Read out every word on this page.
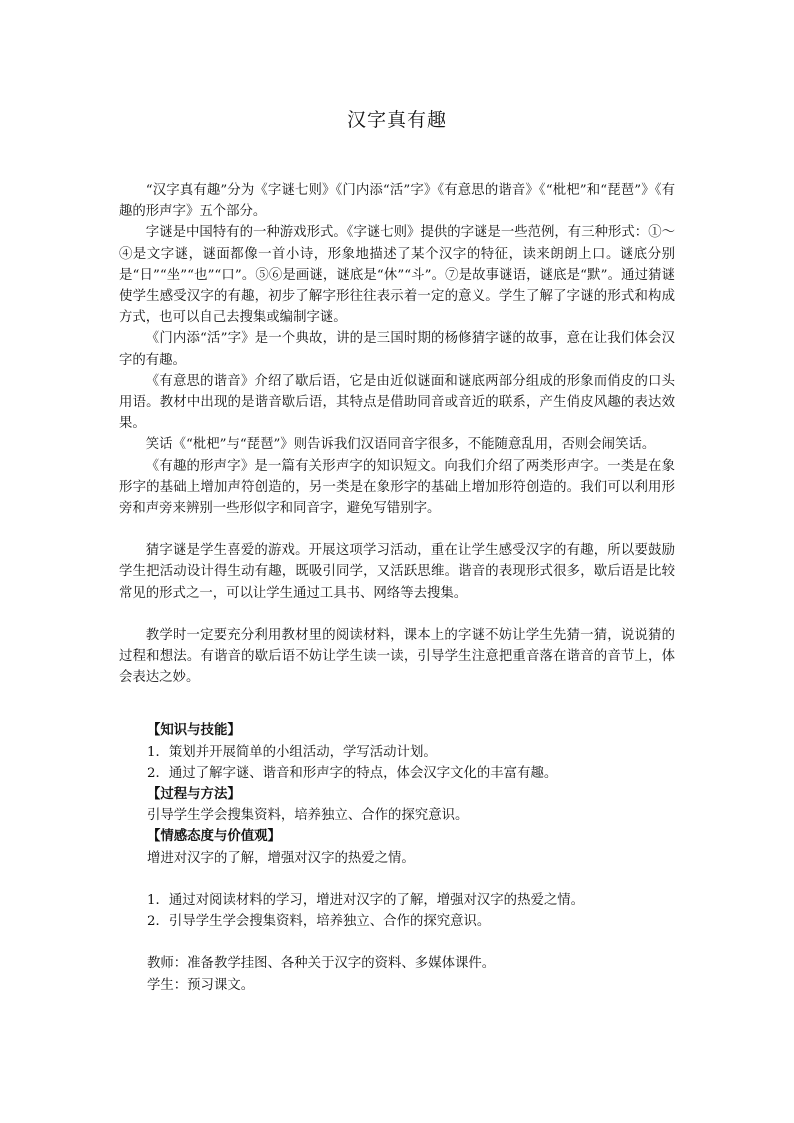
汉字真有趣

“汉字真有趣”分为《字谜七则》《门内添“活”字》《有意思的谐音》《“枇杷”和“琵琶”》《有趣的形声字》五个部分。

字谜是中国特有的一种游戏形式。《字谜七则》提供的字谜是一些范例，有三种形式：①～④是文字谜，谜面都像一首小诗，形象地描述了某个汉字的特征，读来朗朗上口。谜底分别是“日”“坐”“也”“口”。⑤⑥是画谜，谜底是“休”“斗”。⑦是故事谜语，谜底是“默”。通过猜谜使学生感受汉字的有趣，初步了解字形往往表示着一定的意义。学生了解了字谜的形式和构成方式，也可以自己去搜集或编制字谜。

《门内添“活”字》是一个典故，讲的是三国时期的杨修猜字谜的故事，意在让我们体会汉字的有趣。

《有意思的谐音》介绍了歇后语，它是由近似谜面和谜底两部分组成的形象而俏皮的口头用语。教材中出现的是谐音歇后语，其特点是借助同音或音近的联系，产生俏皮风趣的表达效果。

笑话《“枇杷”与“琵琶”》则告诉我们汉语同音字很多，不能随意乱用，否则会闹笑话。

《有趣的形声字》是一篇有关形声字的知识短文。向我们介绍了两类形声字。一类是在象形字的基础上增加声符创造的，另一类是在象形字的基础上增加形符创造的。我们可以利用形旁和声旁来辨别一些形似字和同音字，避免写错别字。

猜字谜是学生喜爱的游戏。开展这项学习活动，重在让学生感受汉字的有趣，所以要鼓励学生把活动设计得生动有趣，既吸引同学，又活跃思维。谐音的表现形式很多，歇后语是比较常见的形式之一，可以让学生通过工具书、网络等去搜集。

教学时一定要充分利用教材里的阅读材料，课本上的字谜不妨让学生先猜一猜，说说猜的过程和想法。有谐音的歇后语不妨让学生读一读，引导学生注意把重音落在谐音的音节上，体会表达之妙。

【知识与技能】

1．策划并开展简单的小组活动，学写活动计划。

2．通过了解字谜、谐音和形声字的特点，体会汉字文化的丰富有趣。

【过程与方法】

引导学生学会搜集资料，培养独立、合作的探究意识。

【情感态度与价值观】

增进对汉字的了解，增强对汉字的热爱之情。

1．通过对阅读材料的学习，增进对汉字的了解，增强对汉字的热爱之情。

2．引导学生学会搜集资料，培养独立、合作的探究意识。

教师：准备教学挂图、各种关于汉字的资料、多媒体课件。

学生：预习课文。
